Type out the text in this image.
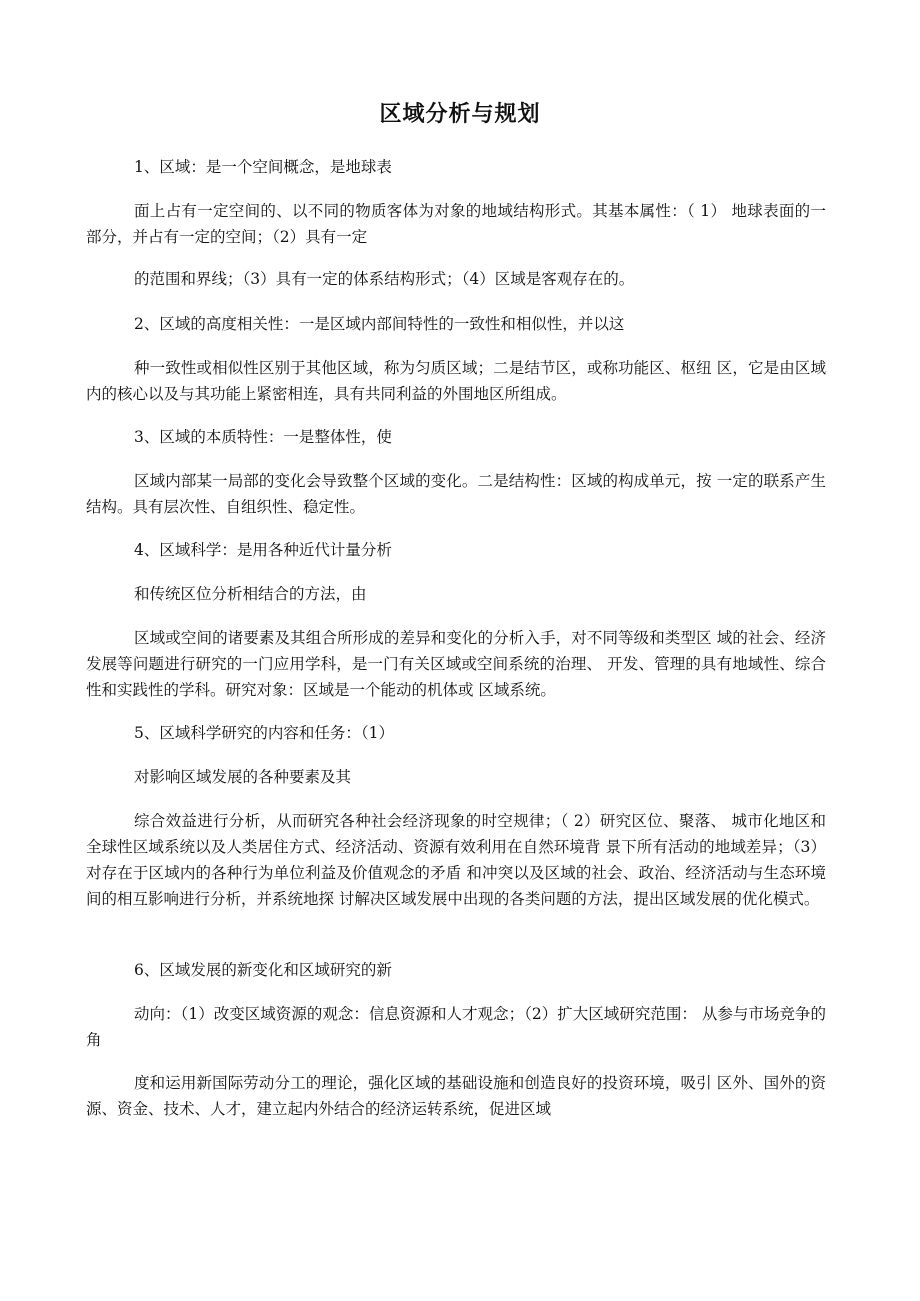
区域分析与规划

1、区域：是一个空间概念，是地球表

面上占有一定空间的、以不同的物质客体为对象的地域结构形式。其基本属性：（ 1） 地球表面的一部分，并占有一定的空间；（2）具有一定

的范围和界线；（3）具有一定的体系结构形式；（4）区域是客观存在的。

2、区域的高度相关性：一是区域内部间特性的一致性和相似性，并以这

种一致性或相似性区别于其他区域，称为匀质区域；二是结节区，或称功能区、枢纽 区，它是由区域内的核心以及与其功能上紧密相连，具有共同利益的外围地区所组成。

3、区域的本质特性：一是整体性，使

区域内部某一局部的变化会导致整个区域的变化。二是结构性：区域的构成单元，按 一定的联系产生结构。具有层次性、自组织性、稳定性。

4、区域科学：是用各种近代计量分析

和传统区位分析相结合的方法，由

区域或空间的诸要素及其组合所形成的差异和变化的分析入手，对不同等级和类型区 域的社会、经济发展等问题进行研究的一门应用学科，是一门有关区域或空间系统的治理、 开发、管理的具有地域性、综合性和实践性的学科。研究对象：区域是一个能动的机体或 区域系统。

5、区域科学研究的内容和任务：（1）

对影响区域发展的各种要素及其

综合效益进行分析，从而研究各种社会经济现象的时空规律；（ 2）研究区位、聚落、 城市化地区和全球性区域系统以及人类居住方式、经济活动、资源有效利用在自然环境背 景下所有活动的地域差异；（3）对存在于区域内的各种行为单位利益及价值观念的矛盾 和冲突以及区域的社会、政治、经济活动与生态环境间的相互影响进行分析，并系统地探 讨解决区域发展中出现的各类问题的方法，提出区域发展的优化模式。

6、区域发展的新变化和区域研究的新

动向：（1）改变区域资源的观念：信息资源和人才观念；（2）扩大区域研究范围： 从参与市场竞争的角

度和运用新国际劳动分工的理论，强化区域的基础设施和创造良好的投资环境，吸引 区外、国外的资源、资金、技术、人才，建立起内外结合的经济运转系统，促进区域
